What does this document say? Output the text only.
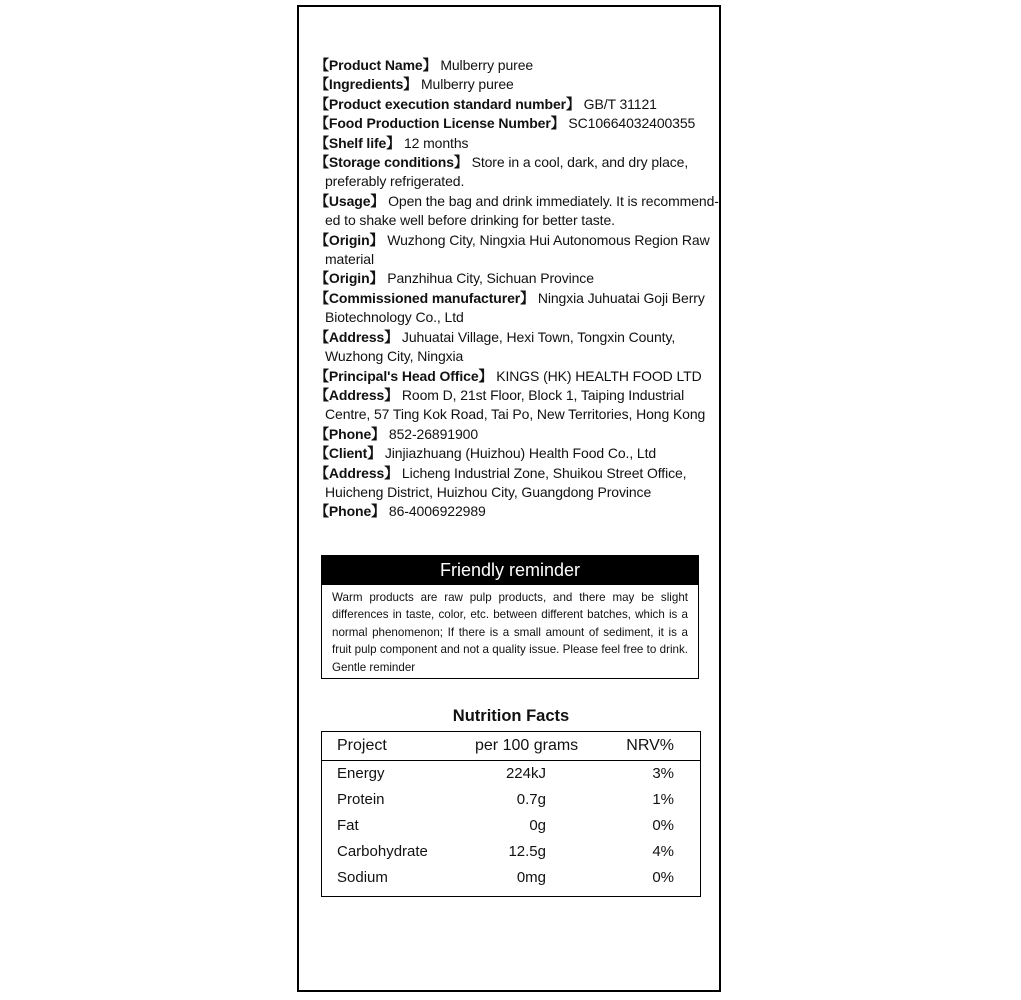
【Product Name】 Mulberry puree
【Ingredients】 Mulberry puree
【Product execution standard number】 GB/T 31121
【Food Production License Number】 SC10664032400355
【Shelf life】 12 months
【Storage conditions】 Store in a cool, dark, and dry place, preferably refrigerated.
【Usage】 Open the bag and drink immediately. It is recommend-ed to shake well before drinking for better taste.
【Origin】 Wuzhong City, Ningxia Hui Autonomous Region Raw material
【Origin】 Panzhihua City, Sichuan Province
【Commissioned manufacturer】 Ningxia Juhuatai Goji Berry Biotechnology Co., Ltd
【Address】 Juhuatai Village, Hexi Town, Tongxin County, Wuzhong City, Ningxia
【Principal's Head Office】 KINGS (HK) HEALTH FOOD LTD
【Address】 Room D, 21st Floor, Block 1, Taiping Industrial Centre, 57 Ting Kok Road, Tai Po, New Territories, Hong Kong
【Phone】 852-26891900
【Client】 Jinjiazhuang (Huizhou) Health Food Co., Ltd
【Address】 Licheng Industrial Zone, Shuikou Street Office, Huicheng District, Huizhou City, Guangdong Province
【Phone】 86-4006922989
Friendly reminder
Warm products are raw pulp products, and there may be slight differences in taste, color, etc. between different batches, which is a normal phenomenon; If there is a small amount of sediment, it is a fruit pulp component and not a quality issue. Please feel free to drink. Gentle reminder
Nutrition Facts
Project	per 100 grams	NRV%
Energy	224kJ	3%
Protein	0.7g	1%
Fat	0g	0%
Carbohydrate	12.5g	4%
Sodium	0mg	0%
